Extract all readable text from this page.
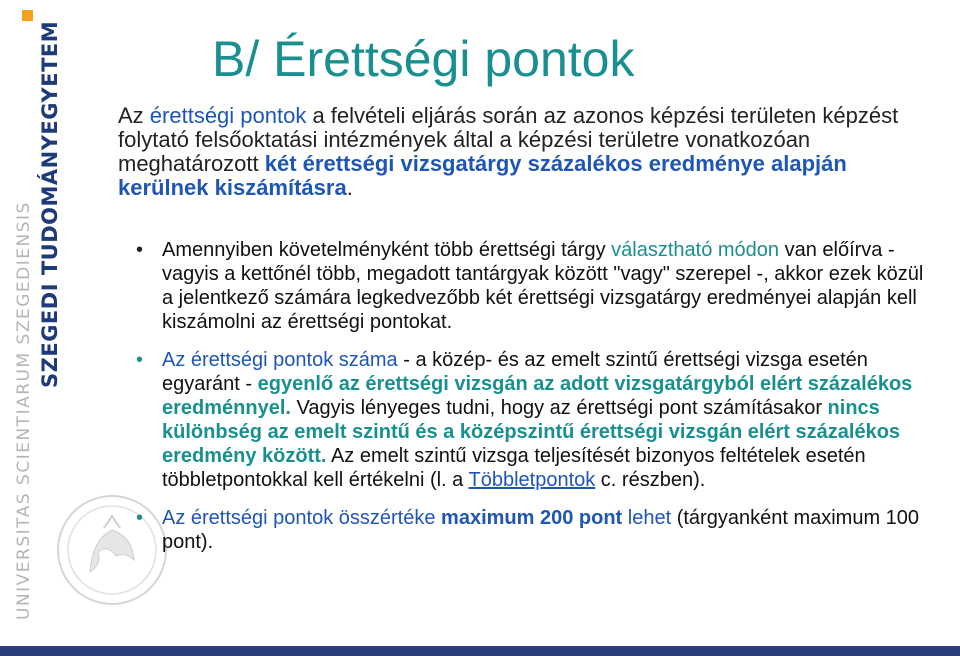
SZEGEDI TUDOMÁNYEGYETEM
UNIVERSITAS SCIENTIARUM SZEGEDIENSIS
B/ Érettségi pontok

Az érettségi pontok a felvételi eljárás során az azonos képzési területen képzést folytató felsőoktatási intézmények által a képzési területre vonatkozóan meghatározott két érettségi vizsgatárgy százalékos eredménye alapján kerülnek kiszámításra.

• Amennyiben követelményként több érettségi tárgy választható módon van előírva - vagyis a kettőnél több, megadott tantárgyak között "vagy" szerepel -, akkor ezek közül a jelentkező számára legkedvezőbb két érettségi vizsgatárgy eredményei alapján kell kiszámolni az érettségi pontokat.
• Az érettségi pontok száma - a közép- és az emelt szintű érettségi vizsga esetén egyaránt - egyenlő az érettségi vizsgán az adott vizsgatárgyból elért százalékos eredménnyel. Vagyis lényeges tudni, hogy az érettségi pont számításakor nincs különbség az emelt szintű és a középszintű érettségi vizsgán elért százalékos eredmény között. Az emelt szintű vizsga teljesítését bizonyos feltételek esetén többletpontokkal kell értékelni (l. a Többletpontok c. részben).
• Az érettségi pontok összértéke maximum 200 pont lehet (tárgyanként maximum 100 pont).
